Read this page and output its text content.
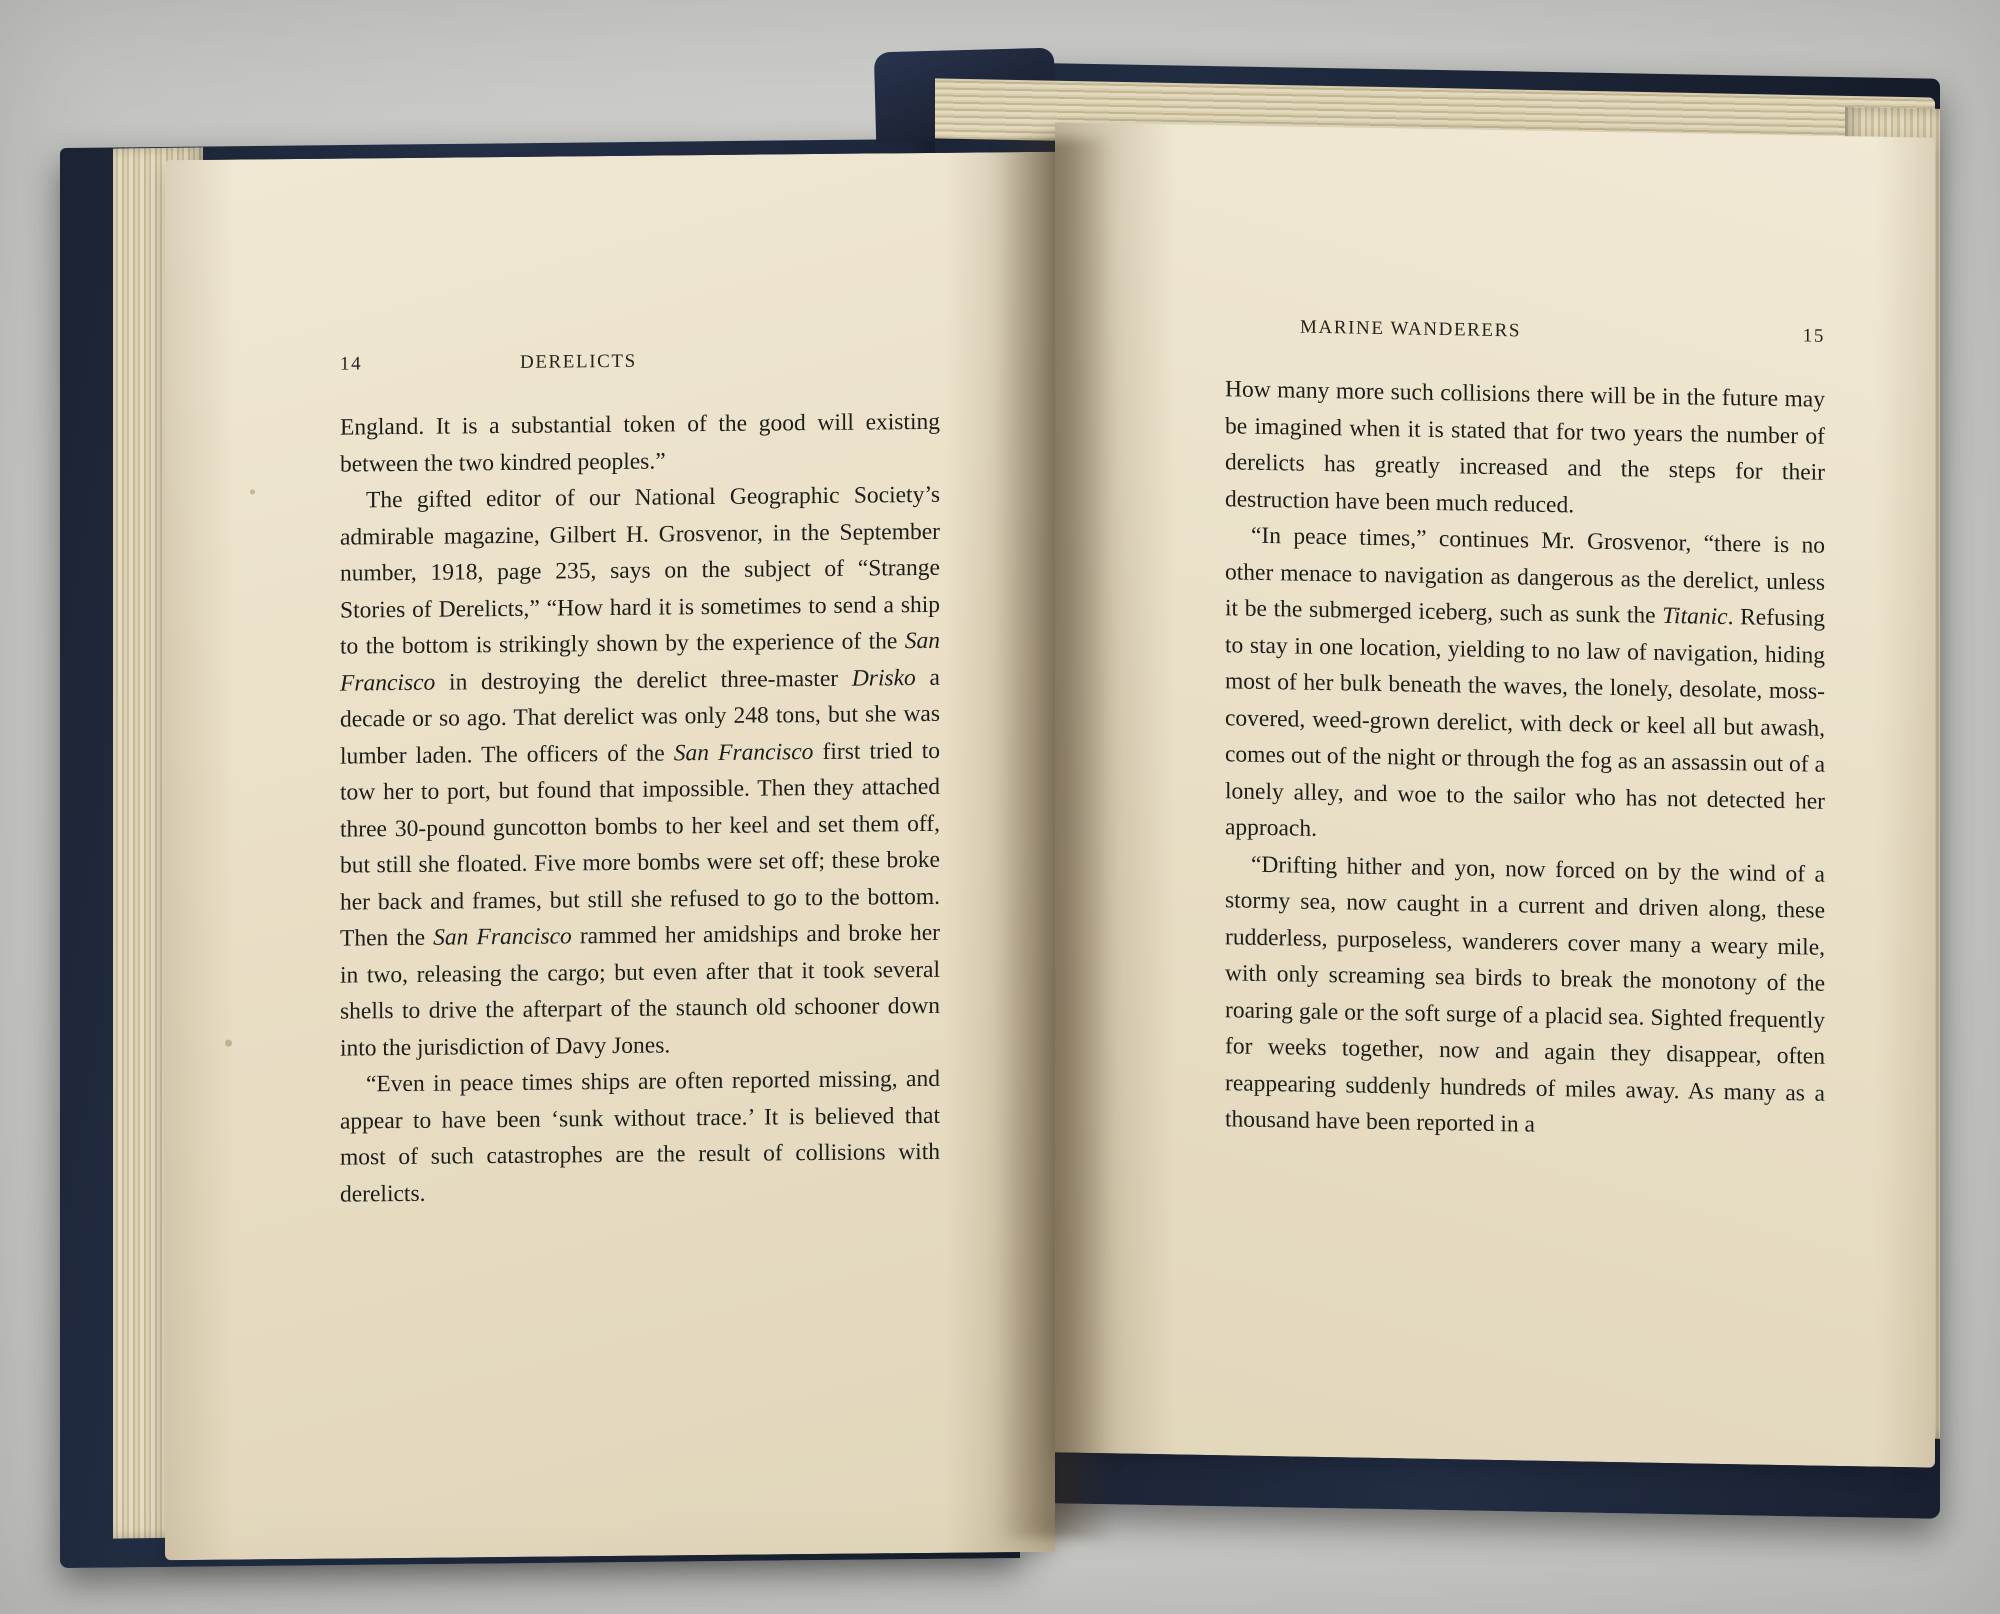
14	DERELICTS

England. It is a substantial token of the good will existing between the two kindred peoples.”

The gifted editor of our National Geographic Society’s admirable magazine, Gilbert H. Grosvenor, in the September number, 1918, page 235, says on the subject of “Strange Stories of Derelicts,” “How hard it is sometimes to send a ship to the bottom is strikingly shown by the experience of the San Francisco in destroying the derelict three-master Drisko a decade or so ago. That derelict was only 248 tons, but she was lumber laden. The officers of the San Francisco first tried to tow her to port, but found that impossible. Then they attached three 30-pound guncotton bombs to her keel and set them off, but still she floated. Five more bombs were set off; these broke her back and frames, but still she refused to go to the bottom. Then the San Francisco rammed her amidships and broke her in two, releasing the cargo; but even after that it took several shells to drive the afterpart of the staunch old schooner down into the jurisdiction of Davy Jones.

“Even in peace times ships are often reported missing, and appear to have been ‘sunk without trace.’ It is believed that most of such catastrophes are the result of collisions with derelicts.

MARINE WANDERERS	15

How many more such collisions there will be in the future may be imagined when it is stated that for two years the number of derelicts has greatly increased and the steps for their destruction have been much reduced.

“In peace times,” continues Mr. Grosvenor, “there is no other menace to navigation as dangerous as the derelict, unless it be the submerged iceberg, such as sunk the Titanic. Refusing to stay in one location, yielding to no law of navigation, hiding most of her bulk beneath the waves, the lonely, desolate, moss-covered, weed-grown derelict, with deck or keel all but awash, comes out of the night or through the fog as an assassin out of a lonely alley, and woe to the sailor who has not detected her approach.

“Drifting hither and yon, now forced on by the wind of a stormy sea, now caught in a current and driven along, these rudderless, purposeless, wanderers cover many a weary mile, with only screaming sea birds to break the monotony of the roaring gale or the soft surge of a placid sea. Sighted frequently for weeks together, now and again they disappear, often reappearing suddenly hundreds of miles away. As many as a thousand have been reported in a
